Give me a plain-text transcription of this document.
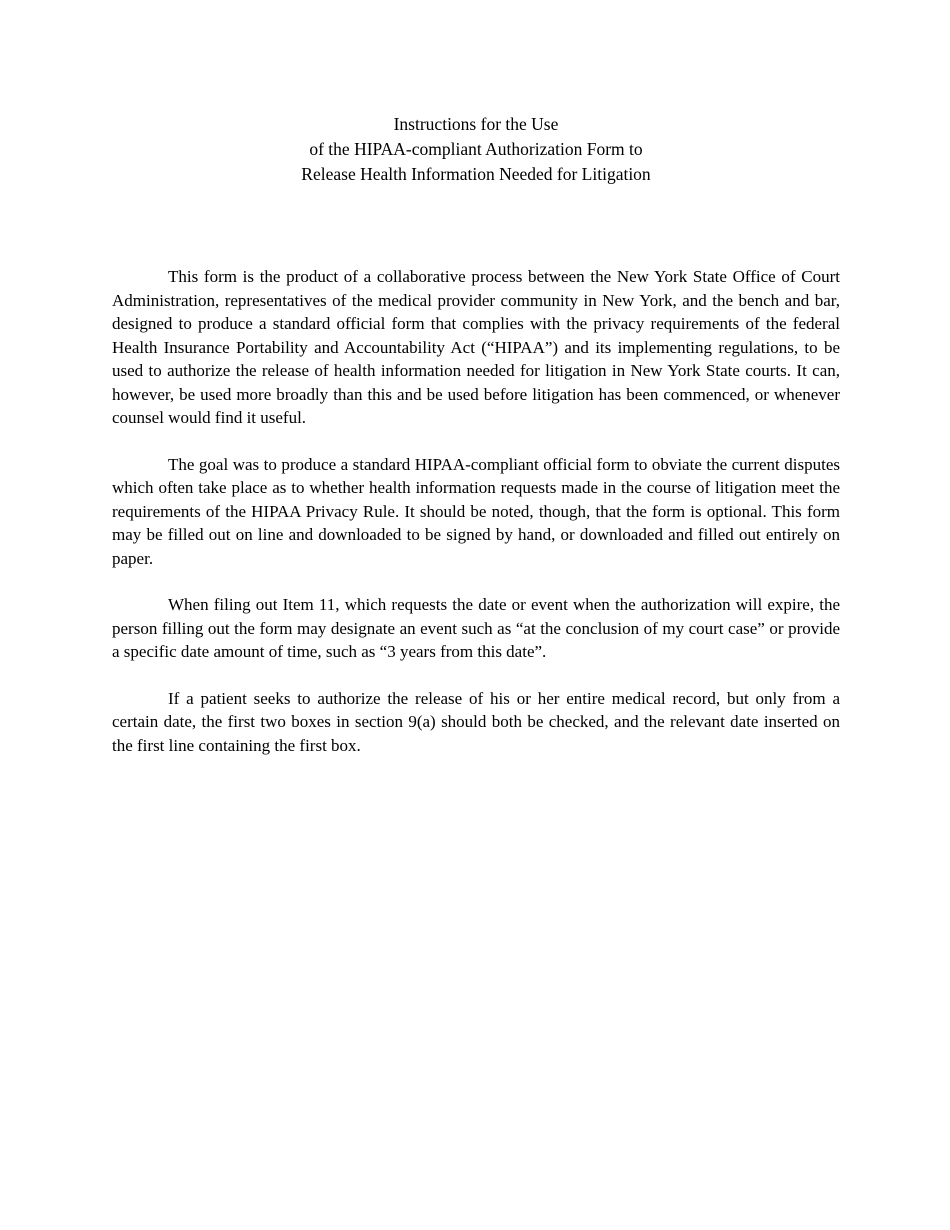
Instructions for the Use
of the HIPAA-compliant Authorization Form to
Release Health Information Needed for Litigation

This form is the product of a collaborative process between the New York State Office of Court Administration, representatives of the medical provider community in New York, and the bench and bar, designed to produce a standard official form that complies with the privacy requirements of the federal Health Insurance Portability and Accountability Act (“HIPAA”) and its implementing regulations, to be used to authorize the release of health information needed for litigation in New York State courts. It can, however, be used more broadly than this and be used before litigation has been commenced, or whenever counsel would find it useful.

The goal was to produce a standard HIPAA-compliant official form to obviate the current disputes which often take place as to whether health information requests made in the course of litigation meet the requirements of the HIPAA Privacy Rule. It should be noted, though, that the form is optional. This form may be filled out on line and downloaded to be signed by hand, or downloaded and filled out entirely on paper.

When filing out Item 11, which requests the date or event when the authorization will expire, the person filling out the form may designate an event such as “at the conclusion of my court case” or provide a specific date amount of time, such as “3 years from this date”.

If a patient seeks to authorize the release of his or her entire medical record, but only from a certain date, the first two boxes in section 9(a) should both be checked, and the relevant date inserted on the first line containing the first box.
